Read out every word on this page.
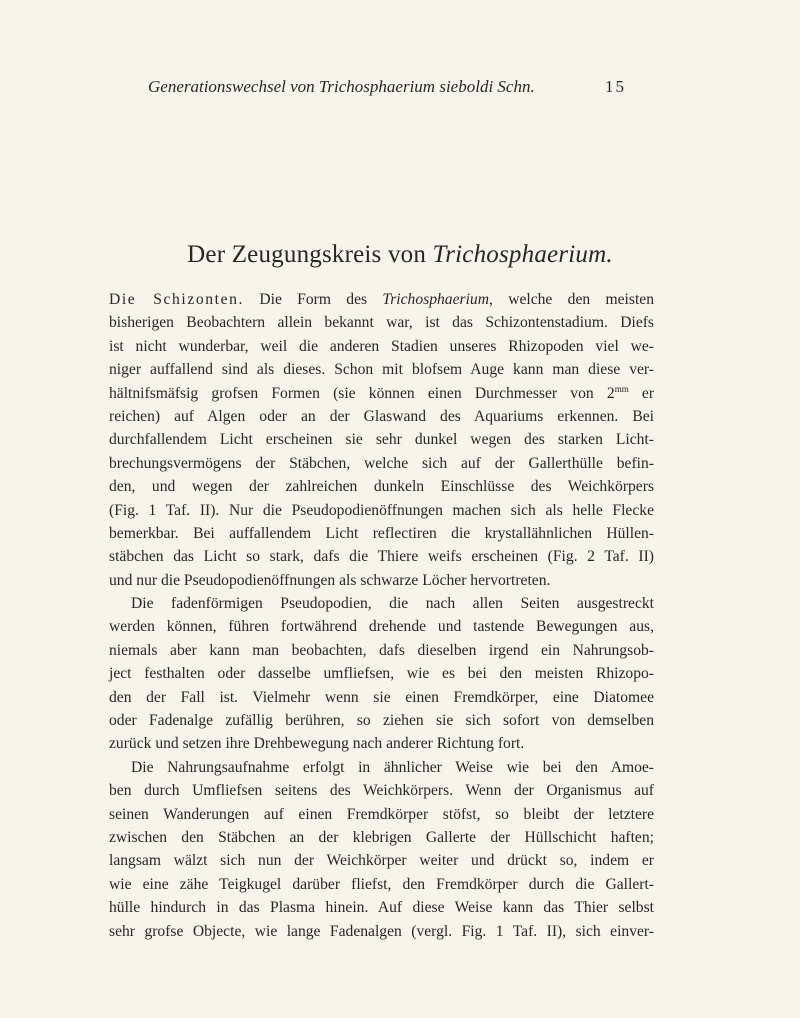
Generationswechsel von Trichosphaerium sieboldi Schn.	15
Der Zeugungskreis von Trichosphaerium.
Die Schizonten. Die Form des Trichosphaerium, welche den meisten
bisherigen Beobachtern allein bekannt war, ist das Schizontenstadium. Diefs
ist nicht wunderbar, weil die anderen Stadien unseres Rhizopoden viel we-
niger auffallend sind als dieses. Schon mit blofsem Auge kann man diese ver-
hältnifsmäfsig grofsen Formen (sie können einen Durchmesser von $2^{mm}$ er
reichen) auf Algen oder an der Glaswand des Aquariums erkennen. Bei
durchfallendem Licht erscheinen sie sehr dunkel wegen des starken Licht-
brechungsvermögens der Stäbchen, welche sich auf der Gallerthülle befin-
den, und wegen der zahlreichen dunkeln Einschlüsse des Weichkörpers
(Fig. 1 Taf. II). Nur die Pseudopodienöffnungen machen sich als helle Flecke
bemerkbar. Bei auffallendem Licht reflectiren die krystallähnlichen Hüllen-
stäbchen das Licht so stark, dafs die Thiere weifs erscheinen (Fig. 2 Taf. II)
und nur die Pseudopodienöffnungen als schwarze Löcher hervortreten.
Die fadenförmigen Pseudopodien, die nach allen Seiten ausgestreckt
werden können, führen fortwährend drehende und tastende Bewegungen aus,
niemals aber kann man beobachten, dafs dieselben irgend ein Nahrungsob-
ject festhalten oder dasselbe umfliefsen, wie es bei den meisten Rhizopo-
den der Fall ist. Vielmehr wenn sie einen Fremdkörper, eine Diatomee
oder Fadenalge zufällig berühren, so ziehen sie sich sofort von demselben
zurück und setzen ihre Drehbewegung nach anderer Richtung fort.
Die Nahrungsaufnahme erfolgt in ähnlicher Weise wie bei den Amoe-
ben durch Umfliefsen seitens des Weichkörpers. Wenn der Organismus auf
seinen Wanderungen auf einen Fremdkörper stöfst, so bleibt der letztere
zwischen den Stäbchen an der klebrigen Gallerte der Hüllschicht haften;
langsam wälzt sich nun der Weichkörper weiter und drückt so, indem er
wie eine zähe Teigkugel darüber fliefst, den Fremdkörper durch die Gallert-
hülle hindurch in das Plasma hinein. Auf diese Weise kann das Thier selbst
sehr grofse Objecte, wie lange Fadenalgen (vergl. Fig. 1 Taf. II), sich einver-
